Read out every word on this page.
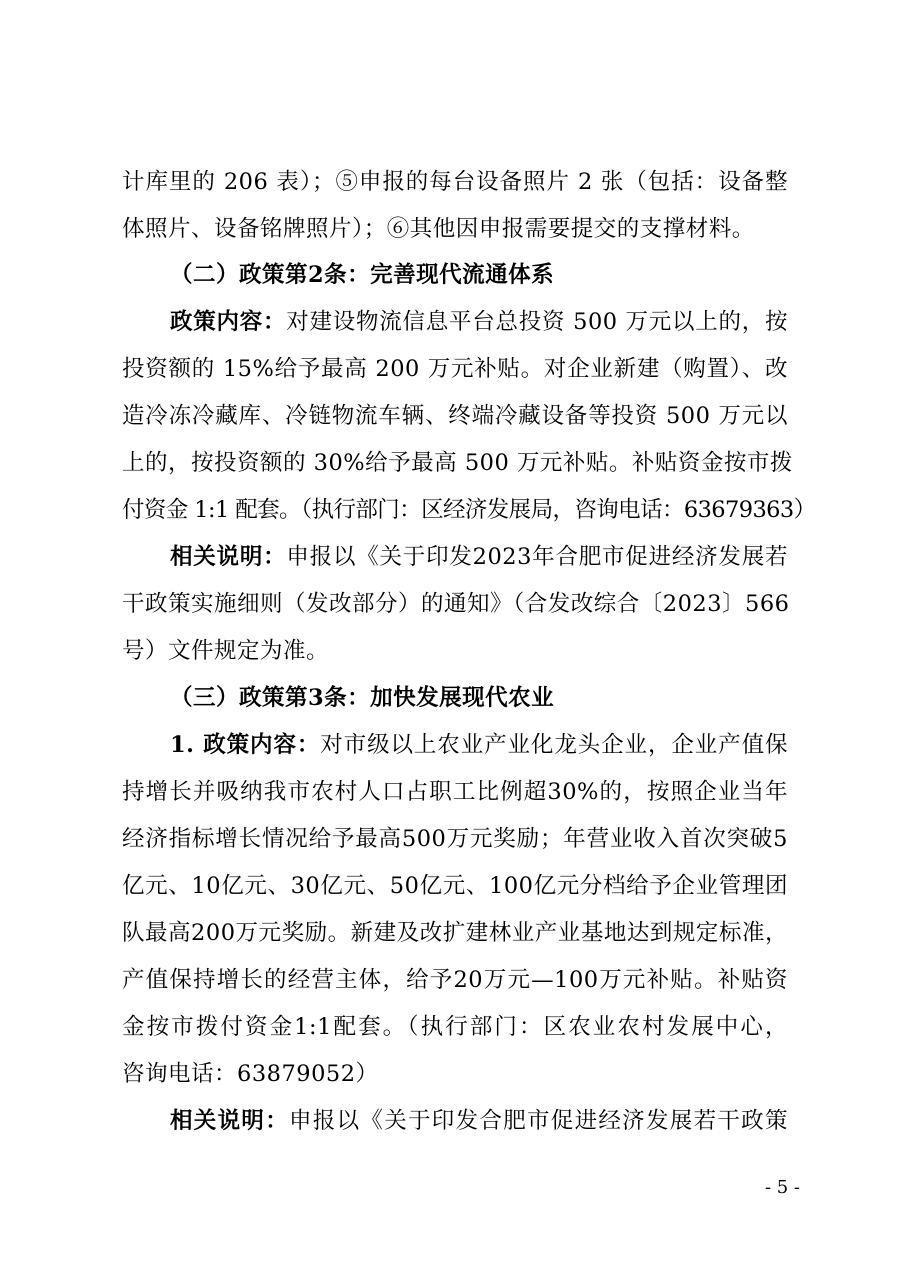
计库里的 206 表）；⑤申报的每台设备照片 2 张（包括：设备整
体照片、设备铭牌照片）；⑥其他因申报需要提交的支撑材料。
（二）政策第2条：完善现代流通体系
政策内容：对建设物流信息平台总投资 500 万元以上的，按
投资额的 15%给予最高 200 万元补贴。对企业新建（购置）、改
造冷冻冷藏库、冷链物流车辆、终端冷藏设备等投资 500 万元以
上的，按投资额的 30%给予最高 500 万元补贴。补贴资金按市拨
付资金 1:1 配套。（执行部门：区经济发展局，咨询电话：63679363）
相关说明：申报以《关于印发2023年合肥市促进经济发展若
干政策实施细则（发改部分）的通知》（合发改综合〔2023〕566
号）文件规定为准。
（三）政策第3条：加快发展现代农业
1. 政策内容：对市级以上农业产业化龙头企业，企业产值保
持增长并吸纳我市农村人口占职工比例超30%的，按照企业当年
经济指标增长情况给予最高500万元奖励；年营业收入首次突破5
亿元、10亿元、30亿元、50亿元、100亿元分档给予企业管理团
队最高200万元奖励。新建及改扩建林业产业基地达到规定标准，
产值保持增长的经营主体，给予20万元—100万元补贴。补贴资
金按市拨付资金1:1配套。（执行部门：区农业农村发展中心，
咨询电话：63879052）
相关说明：申报以《关于印发合肥市促进经济发展若干政策
- 5 -
